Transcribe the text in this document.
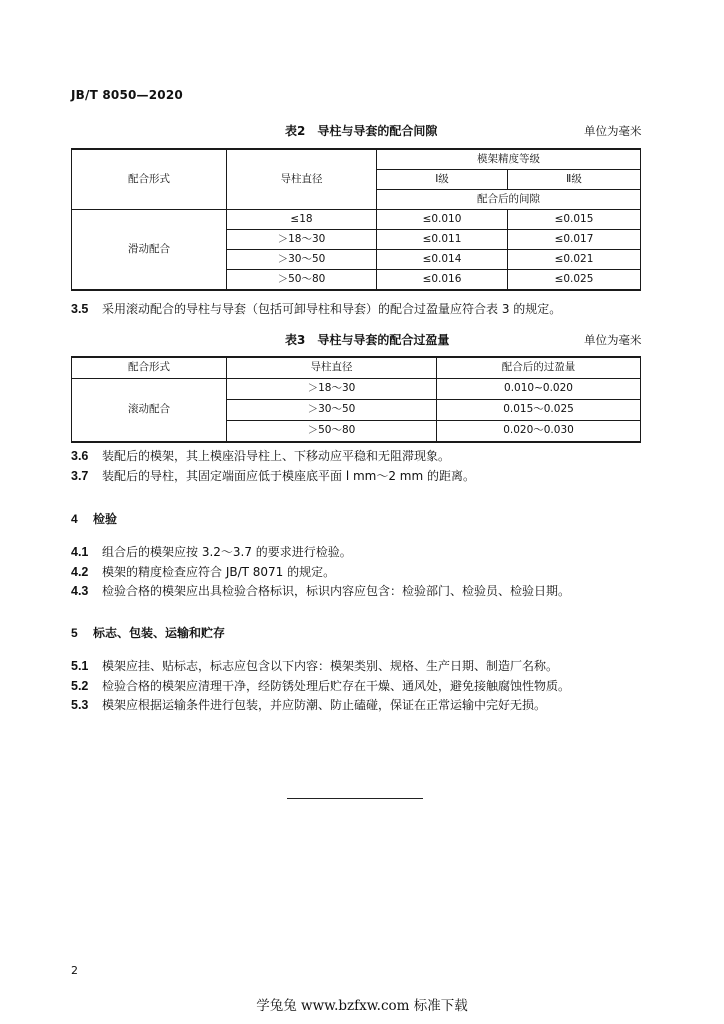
JB/T 8050—2020
表2　导柱与导套的配合间隙	单位为毫米
配合形式	导柱直径	模架精度等级	
		Ⅰ级	Ⅱ级
		配合后的间隙	
滑动配合	≤18	≤0.010	≤0.015
	＞18～30	≤0.011	≤0.017
	＞30～50	≤0.014	≤0.021
	＞50～80	≤0.016	≤0.025
3.5 采用滚动配合的导柱与导套（包括可卸导柱和导套）的配合过盈量应符合表 3 的规定。
表3　导柱与导套的配合过盈量	单位为毫米
配合形式	导柱直径	配合后的过盈量
滚动配合	＞18～30	0.010~0.020
	＞30～50	0.015～0.025
	＞50～80	0.020～0.030
3.6 装配后的模架，其上模座沿导柱上、下移动应平稳和无阻滞现象。
3.7 装配后的导柱，其固定端面应低于模座底平面 l mm～2 mm 的距离。
4 检验
4.1 组合后的模架应按 3.2～3.7 的要求进行检验。
4.2 模架的精度检查应符合 JB/T 8071 的规定。
4.3 检验合格的模架应出具检验合格标识，标识内容应包含：检验部门、检验员、检验日期。
5 标志、包装、运输和贮存
5.1 模架应挂、贴标志，标志应包含以下内容：模架类别、规格、生产日期、制造厂名称。
5.2 检验合格的模架应清理干净，经防锈处理后贮存在干燥、通风处，避免接触腐蚀性物质。
5.3 模架应根据运输条件进行包装，并应防潮、防止磕碰，保证在正常运输中完好无损。
2
学兔兔 www.bzfxw.com 标准下载
